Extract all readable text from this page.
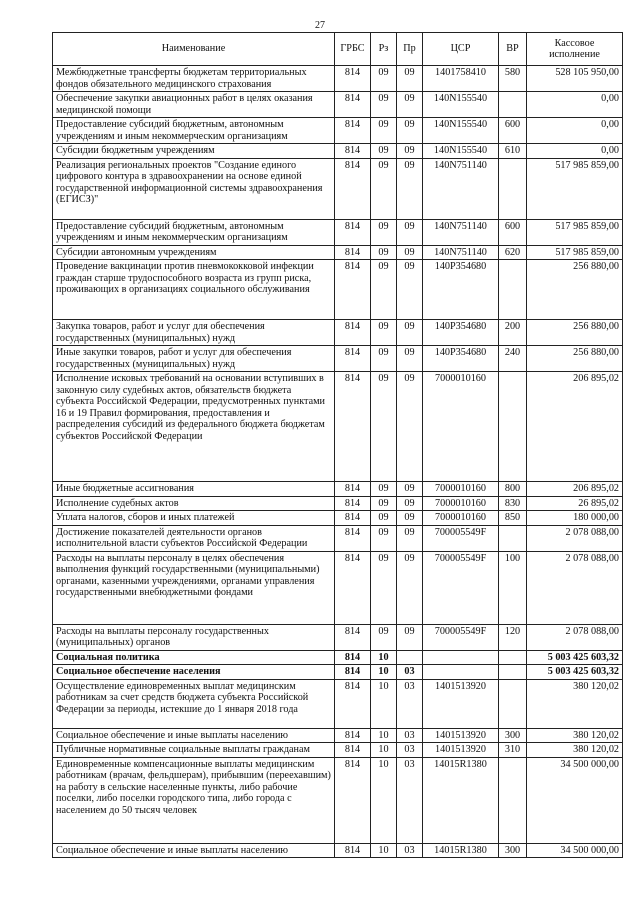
27
Наименование	ГРБС	Рз	Пр	ЦСР	ВР	Кассовое исполнение
Межбюджетные трансферты бюджетам территориальных фондов обязательного медицинского страхования	814	09	09	1401758410	580	528 105 950,00
Обеспечение закупки авиационных работ в целях оказания медицинской помощи	814	09	09	140N155540		0,00
Предоставление субсидий бюджетным, автономным учреждениям и иным некоммерческим организациям	814	09	09	140N155540	600	0,00
Субсидии бюджетным учреждениям	814	09	09	140N155540	610	0,00
Реализация региональных проектов "Создание единого цифрового контура в здравоохранении на основе единой государственной информационной системы здравоохранения (ЕГИСЗ)"	814	09	09	140N751140		517 985 859,00
Предоставление субсидий бюджетным, автономным учреждениям и иным некоммерческим организациям	814	09	09	140N751140	600	517 985 859,00
Субсидии автономным учреждениям	814	09	09	140N751140	620	517 985 859,00
Проведение вакцинации против пневмококковой инфекции граждан старше трудоспособного возраста из групп риска, проживающих в организациях социального обслуживания	814	09	09	140P354680		256 880,00
Закупка товаров, работ и услуг для обеспечения государственных (муниципальных) нужд	814	09	09	140P354680	200	256 880,00
Иные закупки товаров, работ и услуг для обеспечения государственных (муниципальных) нужд	814	09	09	140P354680	240	256 880,00
Исполнение исковых требований на основании вступивших в законную силу судебных актов, обязательств бюджета субъекта Российской Федерации, предусмотренных пунктами 16 и 19 Правил формирования, предоставления и распределения субсидий из федерального бюджета бюджетам субъектов Российской Федерации	814	09	09	7000010160		206 895,02
Иные бюджетные ассигнования	814	09	09	7000010160	800	206 895,02
Исполнение судебных актов	814	09	09	7000010160	830	26 895,02
Уплата налогов, сборов и иных платежей	814	09	09	7000010160	850	180 000,00
Достижение показателей деятельности органов исполнительной власти субъектов Российской Федерации	814	09	09	700005549F		2 078 088,00
Расходы на выплаты персоналу в целях обеспечения выполнения функций государственными (муниципальными) органами, казенными учреждениями, органами управления государственными внебюджетными фондами	814	09	09	700005549F	100	2 078 088,00
Расходы на выплаты персоналу государственных (муниципальных) органов	814	09	09	700005549F	120	2 078 088,00
Социальная политика	814	10				5 003 425 603,32
Социальное обеспечение населения	814	10	03			5 003 425 603,32
Осуществление единовременных выплат медицинским работникам за счет средств бюджета субъекта Российской Федерации за периоды, истекшие до 1 января 2018 года	814	10	03	1401513920		380 120,02
Социальное обеспечение и иные выплаты населению	814	10	03	1401513920	300	380 120,02
Публичные нормативные социальные выплаты гражданам	814	10	03	1401513920	310	380 120,02
Единовременные компенсационные выплаты медицинским работникам (врачам, фельдшерам), прибывшим (переехавшим) на работу в сельские населенные пункты, либо рабочие поселки, либо поселки городского типа, либо города с населением до 50 тысяч человек	814	10	03	14015R1380		34 500 000,00
Социальное обеспечение и иные выплаты населению	814	10	03	14015R1380	300	34 500 000,00
